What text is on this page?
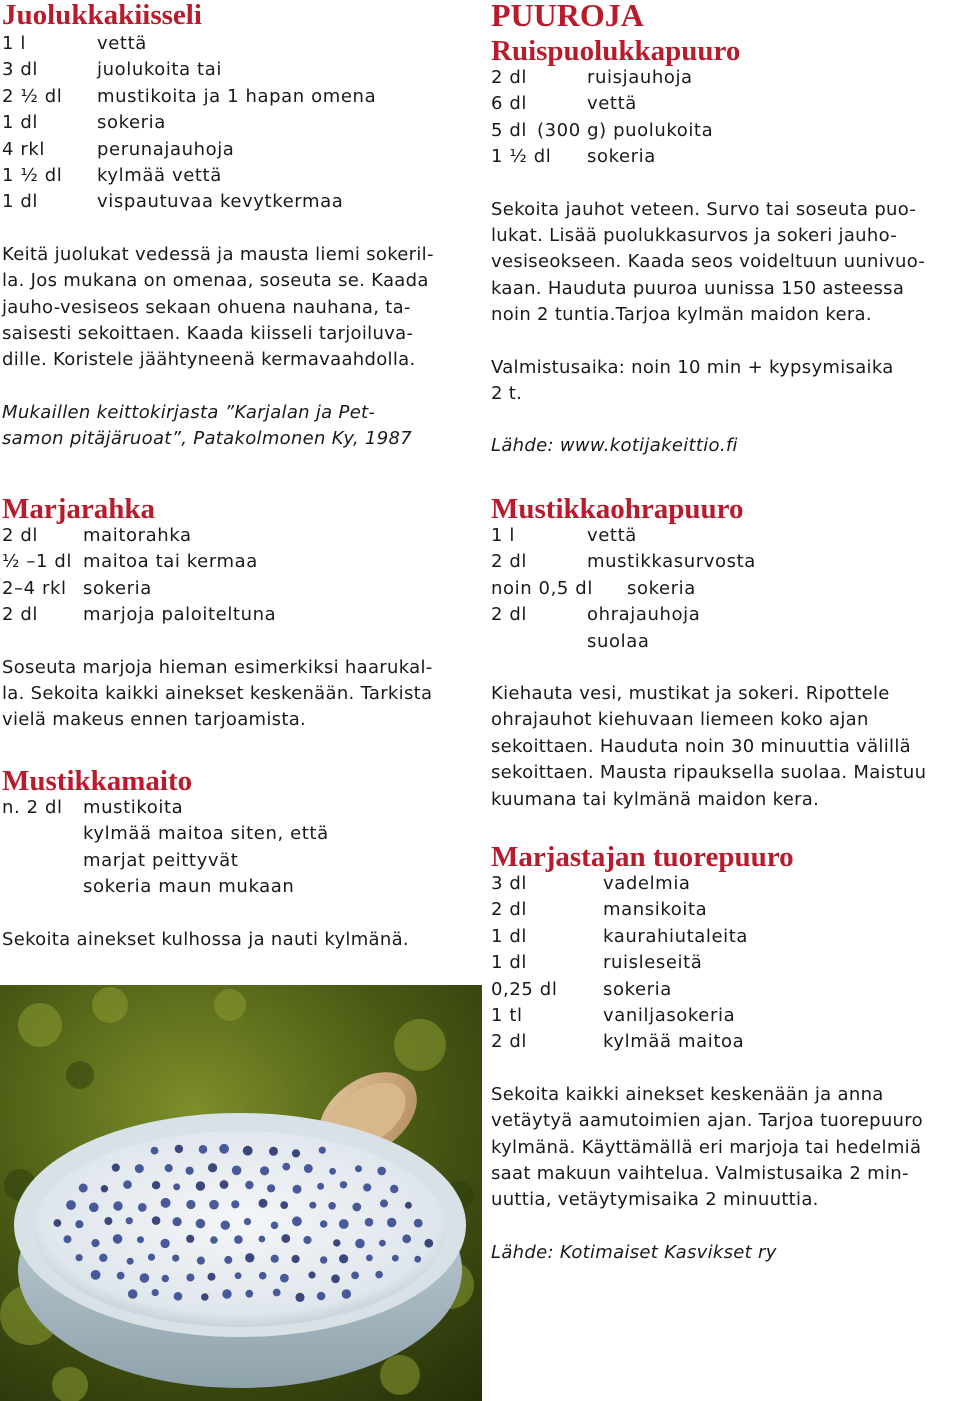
Juolukkakiisseli
1 l	vettä
3 dl	juolukoita tai
2 ½ dl	mustikoita ja 1 hapan omena
1 dl	sokeria
4 rkl	perunajauhoja
1 ½ dl	kylmää vettä
1 dl	vispautuvaa kevytkermaa
Keitä juolukat vedessä ja mausta liemi sokeril-
la. Jos mukana on omenaa, soseuta se. Kaada
jauho-vesiseos sekaan ohuena nauhana, ta-
saisesti sekoittaen. Kaada kiisseli tarjoiluva-
dille. Koristele jäähtyneenä kermavaahdolla.
Mukaillen keittokirjasta ”Karjalan ja Pet-
samon pitäjäruoat”, Patakolmonen Ky, 1987
Marjarahka
2 dl	maitorahka
½ –1 dl maitoa tai kermaa
2–4 rkl sokeria
2 dl	marjoja paloiteltuna
Soseuta marjoja hieman esimerkiksi haarukal-
la. Sekoita kaikki ainekset keskenään. Tarkista
vielä makeus ennen tarjoamista.
Mustikkamaito
n. 2 dl	mustikoita
kylmää maitoa siten, että
marjat peittyvät
sokeria maun mukaan
Sekoita ainekset kulhossa ja nauti kylmänä.
PUUROJA
Ruispuolukkapuuro
2 dl	ruisjauhoja
6 dl	vettä
5 dl (300 g) puolukoita
1 ½ dl	sokeria
Sekoita jauhot veteen. Survo tai soseuta puo-
lukat. Lisää puolukkasurvos ja sokeri jauho-
vesiseokseen. Kaada seos voideltuun uunivuo-
kaan. Hauduta puuroa uunissa 150 asteessa
noin 2 tuntia.Tarjoa kylmän maidon kera.
Valmistusaika: noin 10 min + kypsymisaika
2 t.
Lähde: www.kotijakeittio.fi
Mustikkaohrapuuro
1 l	vettä
2 dl	mustikkasurvosta
noin 0,5 dl	sokeria
2 dl	ohrajauhoja
suolaa
Kiehauta vesi, mustikat ja sokeri. Ripottele
ohrajauhot kiehuvaan liemeen koko ajan
sekoittaen. Hauduta noin 30 minuuttia välillä
sekoittaen. Mausta ripauksella suolaa. Maistuu
kuumana tai kylmänä maidon kera.
Marjastajan tuorepuuro
3 dl	vadelmia
2 dl	mansikoita
1 dl	kaurahiutaleita
1 dl	ruisleseitä
0,25 dl	sokeria
1 tl	vaniljasokeria
2 dl	kylmää maitoa
Sekoita kaikki ainekset keskenään ja anna
vetäytyä aamutoimien ajan. Tarjoa tuorepuuro
kylmänä. Käyttämällä eri marjoja tai hedelmiä
saat makuun vaihtelua. Valmistusaika 2 min-
uuttia, vetäytymisaika 2 minuuttia.
Lähde: Kotimaiset Kasvikset ry
